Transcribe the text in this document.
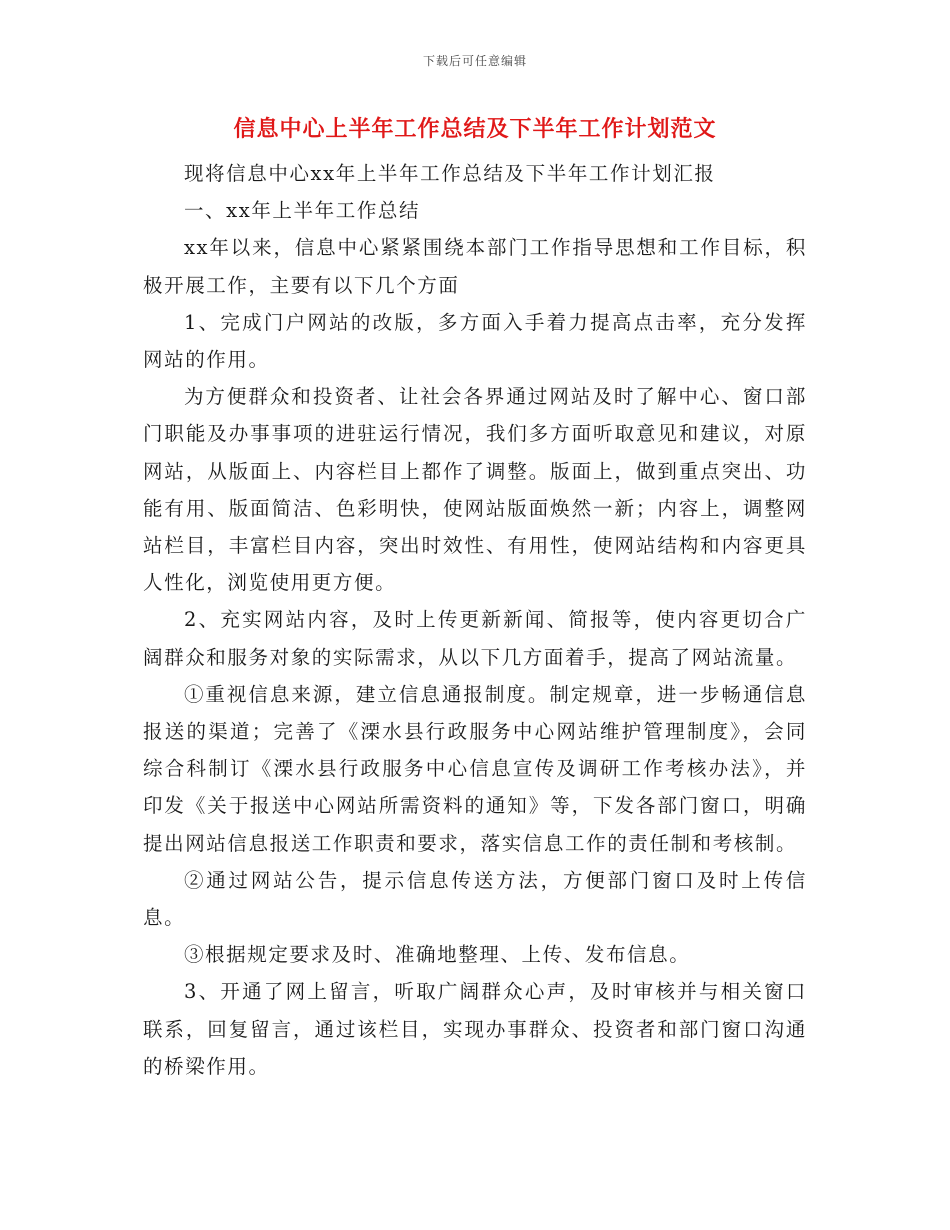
下载后可任意编辑
信息中心上半年工作总结及下半年工作计划范文

现将信息中心xx年上半年工作总结及下半年工作计划汇报

一、xx年上半年工作总结

xx年以来，信息中心紧紧围绕本部门工作指导思想和工作目标，积极开展工作，主要有以下几个方面

1、完成门户网站的改版，多方面入手着力提高点击率，充分发挥网站的作用。

为方便群众和投资者、让社会各界通过网站及时了解中心、窗口部门职能及办事事项的进驻运行情况，我们多方面听取意见和建议，对原网站，从版面上、内容栏目上都作了调整。版面上，做到重点突出、功能有用、版面简洁、色彩明快，使网站版面焕然一新；内容上，调整网站栏目，丰富栏目内容，突出时效性、有用性，使网站结构和内容更具人性化，浏览使用更方便。

2、充实网站内容，及时上传更新新闻、简报等，使内容更切合广阔群众和服务对象的实际需求，从以下几方面着手，提高了网站流量。

①重视信息来源，建立信息通报制度。制定规章，进一步畅通信息报送的渠道；完善了《溧水县行政服务中心网站维护管理制度》，会同综合科制订《溧水县行政服务中心信息宣传及调研工作考核办法》，并印发《关于报送中心网站所需资料的通知》等，下发各部门窗口，明确提出网站信息报送工作职责和要求，落实信息工作的责任制和考核制。

②通过网站公告，提示信息传送方法，方便部门窗口及时上传信息。

③根据规定要求及时、准确地整理、上传、发布信息。

3、开通了网上留言，听取广阔群众心声，及时审核并与相关窗口联系，回复留言，通过该栏目，实现办事群众、投资者和部门窗口沟通的桥梁作用。
